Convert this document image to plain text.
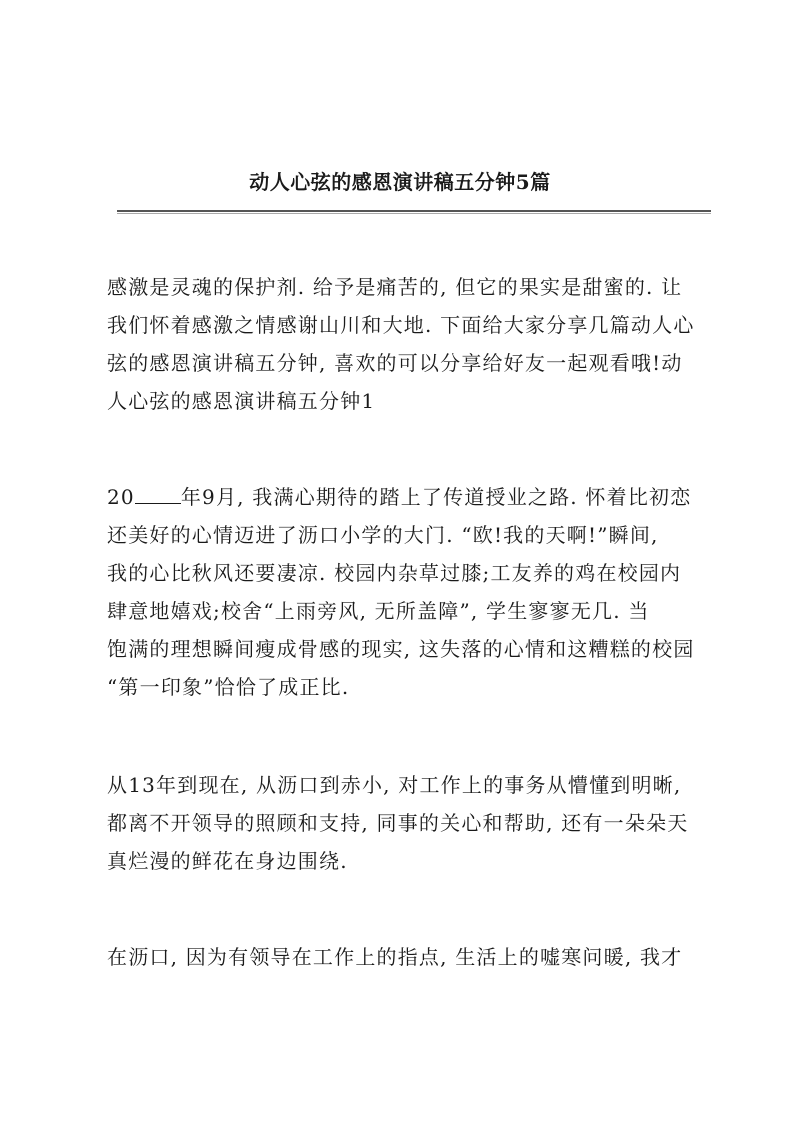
动人心弦的感恩演讲稿五分钟5篇
感激是灵魂的保护剂. 给予是痛苦的, 但它的果实是甜蜜的. 让
我们怀着感激之情感谢山川和大地. 下面给大家分享几篇动人心
弦的感恩演讲稿五分钟, 喜欢的可以分享给好友一起观看哦!动
人心弦的感恩演讲稿五分钟1
20 年9月, 我满心期待的踏上了传道授业之路. 怀着比初恋
还美好的心情迈进了沥口小学的大门. “欧!我的天啊!”瞬间,
我的心比秋风还要凄凉. 校园内杂草过膝;工友养的鸡在校园内
肆意地嬉戏;校舍“上雨旁风, 无所盖障”, 学生寥寥无几. 当
饱满的理想瞬间瘦成骨感的现实, 这失落的心情和这糟糕的校园
“第一印象”恰恰了成正比.
从13年到现在, 从沥口到赤小, 对工作上的事务从懵懂到明晰,
都离不开领导的照顾和支持, 同事的关心和帮助, 还有一朵朵天
真烂漫的鲜花在身边围绕.
在沥口, 因为有领导在工作上的指点, 生活上的嘘寒问暖, 我才
